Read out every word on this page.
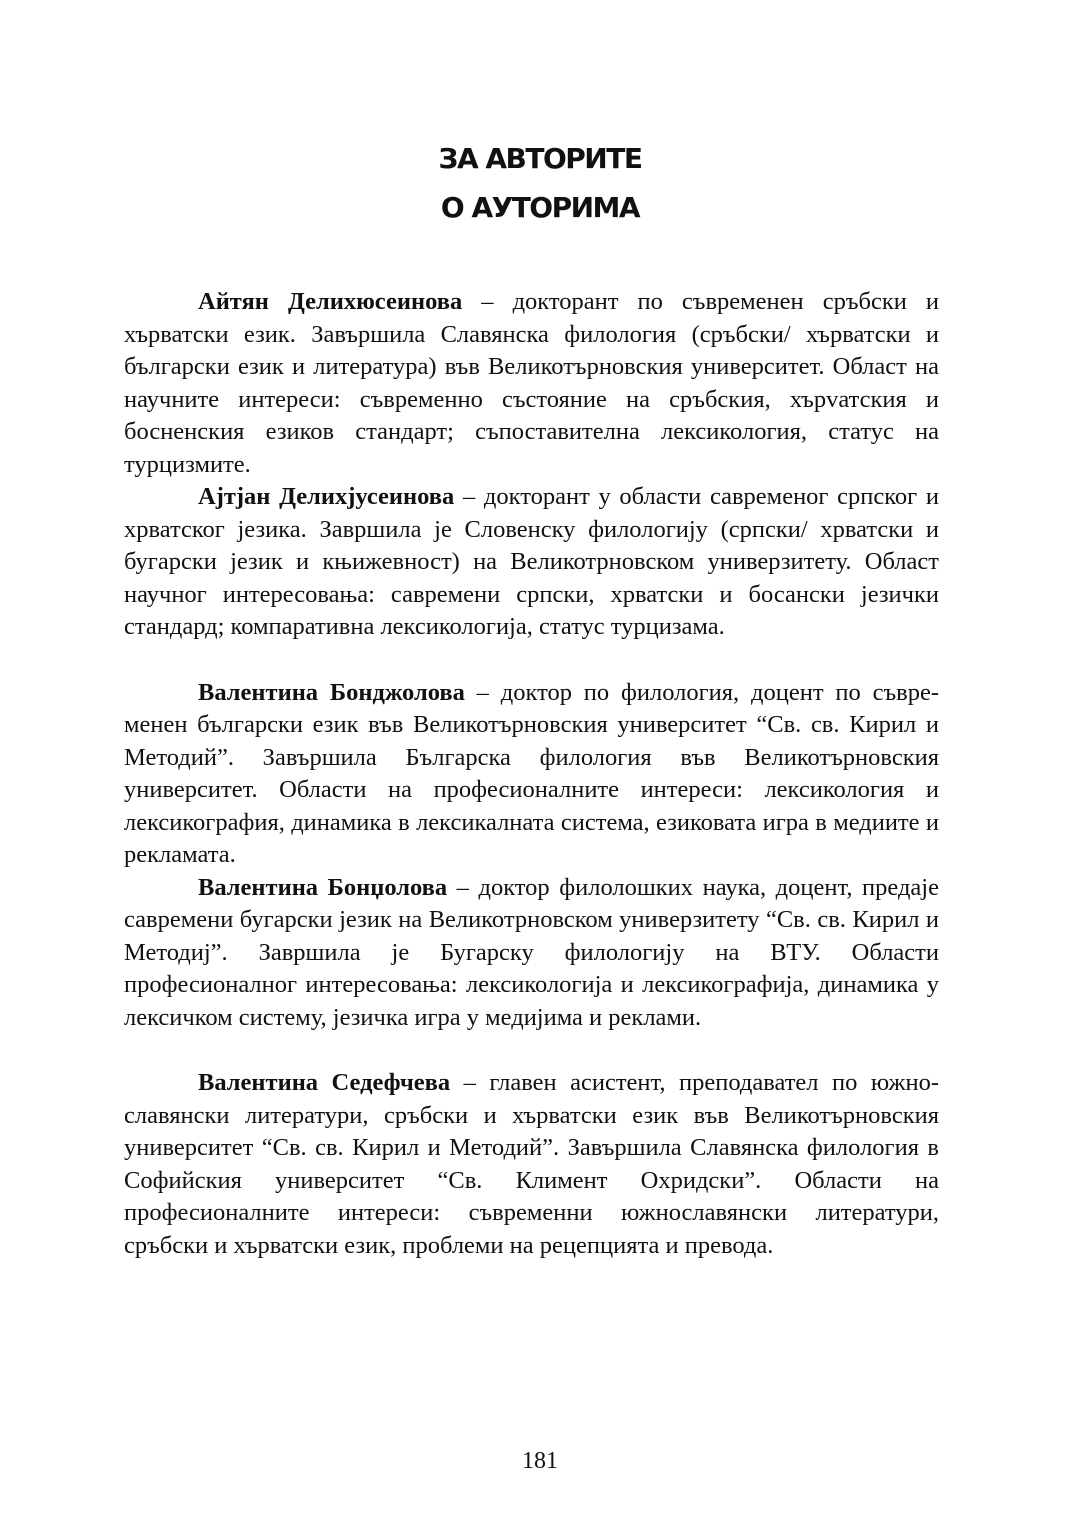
ЗА АВТОРИТЕ
О АУТОРИМА

Айтян Делихюсеинова – докторант по съвременен сръбски и хърватски език. Завършила Славянска филология (сръбски/ хърватски и български език и литература) във Великотърновския университет. Област на научните интереси: съвременно състояние на сръбския, хърvатския и босненския езиков стандарт; съпоставителна лексикология, статус на турцизмите.

Ајтјан Делихјусеинова – докторант у области савременог српског и хрватског језика. Завршила је Словенску филологију (српски/ хрватски и бугарски језик и књижевност) на Великотрновском универзитету. Област научног интересовања: савремени српски, хрватски и босански језички стандард; компаративна лексикологија, статус турцизама.

Валентина Бонджолова – доктор по филология, доцент по съвременен български език във Великотърновския университет “Св. св. Кирил и Методий”. Завършила Българска филология във Великотърновския университет. Области на професионалните интереси: лексикология и лексикография, динамика в лексикалната система, езиковата игра в медиите и рекламата.

Валентина Бонџолова – доктор филолошких наука, доцент, предаје савремени бугарски језик на Великотрновском универзитету “Св. св. Кирил и Методиј”. Завршила је Бугарску филологију на ВТУ. Области професионалног интересовања: лексикологија и лексикографија, динамика у лексичком систему, језичка игра у медијима и реклами.

Валентина Седефчева – главен асистент, преподавател по южнославянски литератури, сръбски и хърватски език във Великотърновския университет “Св. св. Кирил и Методий”. Завършила Славянска филология в Софийския университет “Св. Климент Охридски”. Области на професионалните интереси: съвременни южнославянски литератури, сръбски и хърватски език, проблеми на рецепцията и превода.

181
